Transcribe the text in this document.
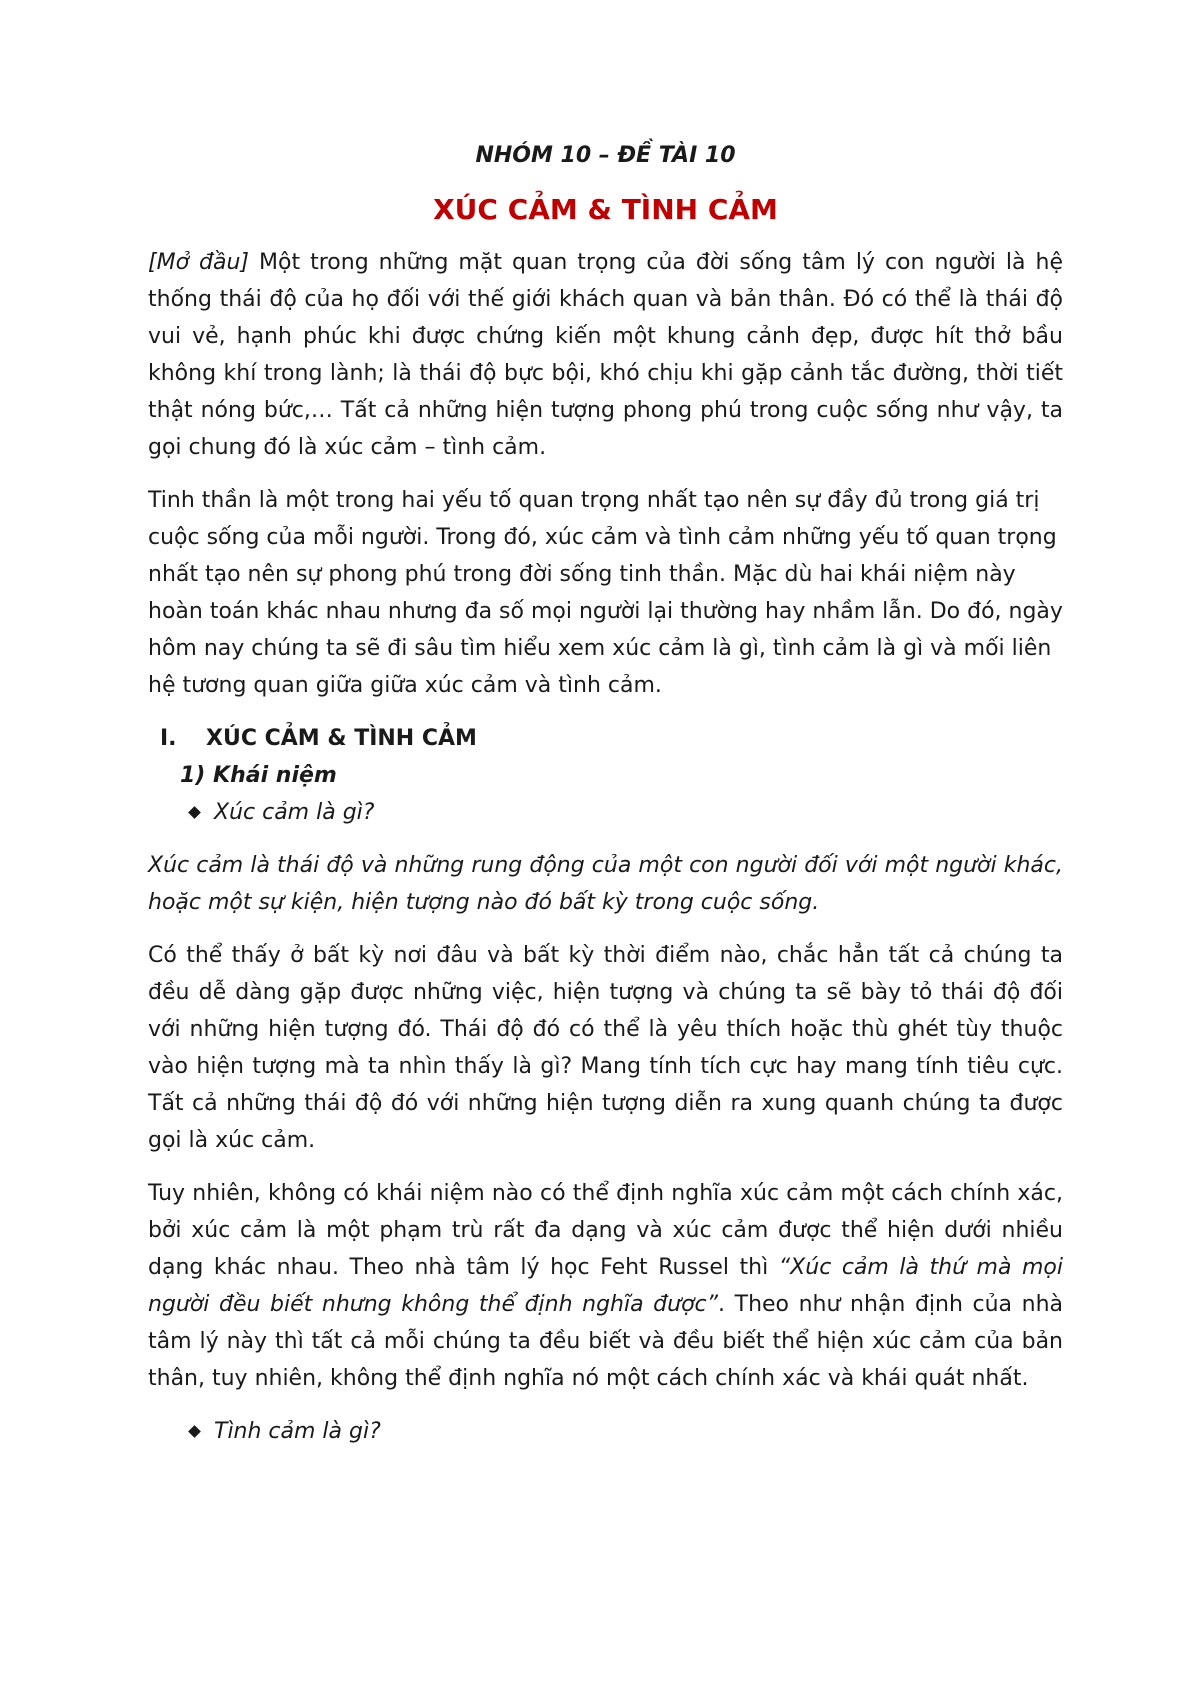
NHÓM 10 – ĐỀ TÀI 10
XÚC CẢM & TÌNH CẢM

[Mở đầu] Một trong những mặt quan trọng của đời sống tâm lý con người là hệ thống thái độ của họ đối với thế giới khách quan và bản thân. Đó có thể là thái độ vui vẻ, hạnh phúc khi được chứng kiến một khung cảnh đẹp, được hít thở bầu không khí trong lành; là thái độ bực bội, khó chịu khi gặp cảnh tắc đường, thời tiết thật nóng bức,… Tất cả những hiện tượng phong phú trong cuộc sống như vậy, ta gọi chung đó là xúc cảm – tình cảm.

Tinh thần là một trong hai yếu tố quan trọng nhất tạo nên sự đầy đủ trong giá trị cuộc sống của mỗi người. Trong đó, xúc cảm và tình cảm những yếu tố quan trọng nhất tạo nên sự phong phú trong đời sống tinh thần. Mặc dù hai khái niệm này hoàn toán khác nhau nhưng đa số mọi người lại thường hay nhầm lẫn. Do đó, ngày hôm nay chúng ta sẽ đi sâu tìm hiểu xem xúc cảm là gì, tình cảm là gì và mối liên hệ tương quan giữa giữa xúc cảm và tình cảm.

I. XÚC CẢM & TÌNH CẢM
1) Khái niệm
Xúc cảm là gì?

Xúc cảm là thái độ và những rung động của một con người đối với một người khác, hoặc một sự kiện, hiện tượng nào đó bất kỳ trong cuộc sống.

Có thể thấy ở bất kỳ nơi đâu và bất kỳ thời điểm nào, chắc hẳn tất cả chúng ta đều dễ dàng gặp được những việc, hiện tượng và chúng ta sẽ bày tỏ thái độ đối với những hiện tượng đó. Thái độ đó có thể là yêu thích hoặc thù ghét tùy thuộc vào hiện tượng mà ta nhìn thấy là gì? Mang tính tích cực hay mang tính tiêu cực. Tất cả những thái độ đó với những hiện tượng diễn ra xung quanh chúng ta được gọi là xúc cảm.

Tuy nhiên, không có khái niệm nào có thể định nghĩa xúc cảm một cách chính xác, bởi xúc cảm là một phạm trù rất đa dạng và xúc cảm được thể hiện dưới nhiều dạng khác nhau. Theo nhà tâm lý học Feht Russel thì “Xúc cảm là thứ mà mọi người đều biết nhưng không thể định nghĩa được”. Theo như nhận định của nhà tâm lý này thì tất cả mỗi chúng ta đều biết và đều biết thể hiện xúc cảm của bản thân, tuy nhiên, không thể định nghĩa nó một cách chính xác và khái quát nhất.

Tình cảm là gì?
